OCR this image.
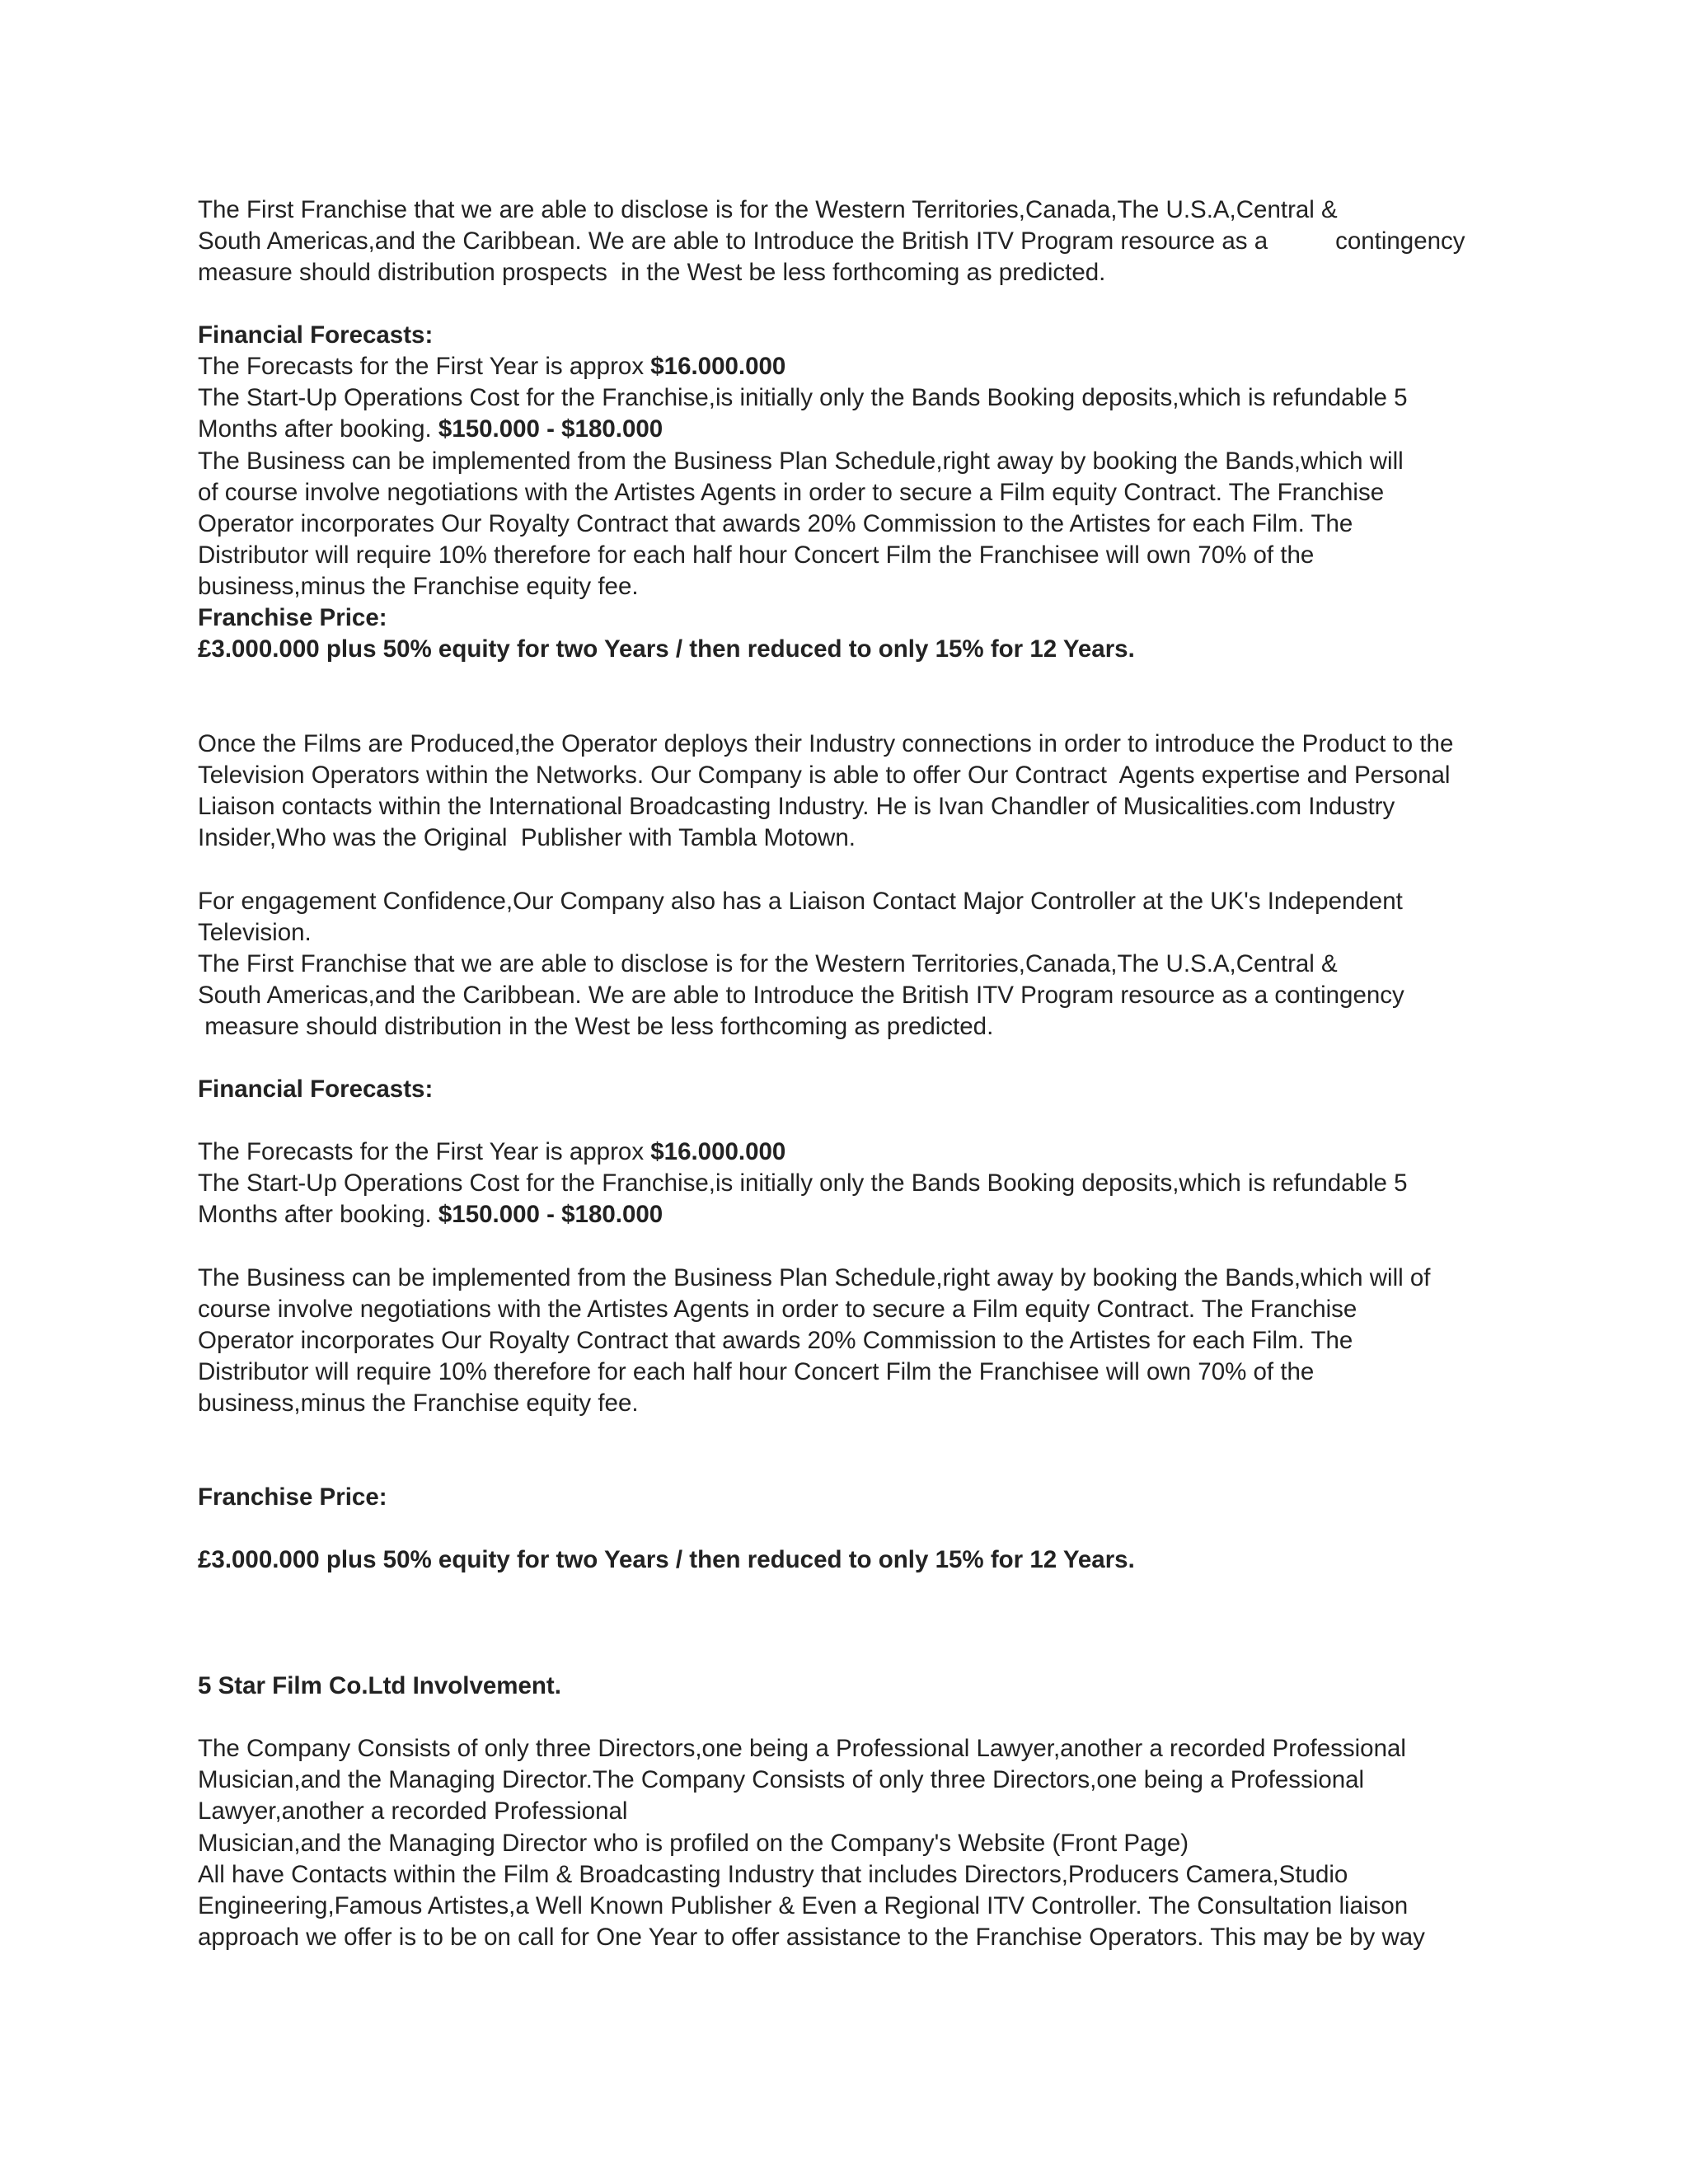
The First Franchise that we are able to disclose is for the Western Territories,Canada,The U.S.A,Central &

South Americas,and the Caribbean. We are able to Introduce the British ITV Program resource as a          contingency

measure should distribution prospects  in the West be less forthcoming as predicted.

Financial Forecasts:

The Forecasts for the First Year is approx $16.000.000

The Start-Up Operations Cost for the Franchise,is initially only the Bands Booking deposits,which is refundable 5

Months after booking. $150.000 - $180.000

The Business can be implemented from the Business Plan Schedule,right away by booking the Bands,which will

of course involve negotiations with the Artistes Agents in order to secure a Film equity Contract. The Franchise

Operator incorporates Our Royalty Contract that awards 20% Commission to the Artistes for each Film. The

Distributor will require 10% therefore for each half hour Concert Film the Franchisee will own 70% of the

business,minus the Franchise equity fee.

Franchise Price:

£3.000.000 plus 50% equity for two Years / then reduced to only 15% for 12 Years.

Once the Films are Produced,the Operator deploys their Industry connections in order to introduce the Product to the

Television Operators within the Networks. Our Company is able to offer Our Contract  Agents expertise and Personal

Liaison contacts within the International Broadcasting Industry. He is Ivan Chandler of Musicalities.com Industry

Insider,Who was the Original  Publisher with Tambla Motown.

For engagement Confidence,Our Company also has a Liaison Contact Major Controller at the UK's Independent

Television.

The First Franchise that we are able to disclose is for the Western Territories,Canada,The U.S.A,Central &

South Americas,and the Caribbean. We are able to Introduce the British ITV Program resource as a contingency

measure should distribution in the West be less forthcoming as predicted.

Financial Forecasts:

The Forecasts for the First Year is approx $16.000.000

The Start-Up Operations Cost for the Franchise,is initially only the Bands Booking deposits,which is refundable 5

Months after booking. $150.000 - $180.000

The Business can be implemented from the Business Plan Schedule,right away by booking the Bands,which will of

course involve negotiations with the Artistes Agents in order to secure a Film equity Contract. The Franchise

Operator incorporates Our Royalty Contract that awards 20% Commission to the Artistes for each Film. The

Distributor will require 10% therefore for each half hour Concert Film the Franchisee will own 70% of the

business,minus the Franchise equity fee.

Franchise Price:

£3.000.000 plus 50% equity for two Years / then reduced to only 15% for 12 Years.

5 Star Film Co.Ltd Involvement.

The Company Consists of only three Directors,one being a Professional Lawyer,another a recorded Professional

Musician,and the Managing Director.The Company Consists of only three Directors,one being a Professional

Lawyer,another a recorded Professional

Musician,and the Managing Director who is profiled on the Company's Website (Front Page)

All have Contacts within the Film & Broadcasting Industry that includes Directors,Producers Camera,Studio

Engineering,Famous Artistes,a Well Known Publisher & Even a Regional ITV Controller. The Consultation liaison

approach we offer is to be on call for One Year to offer assistance to the Franchise Operators. This may be by way
